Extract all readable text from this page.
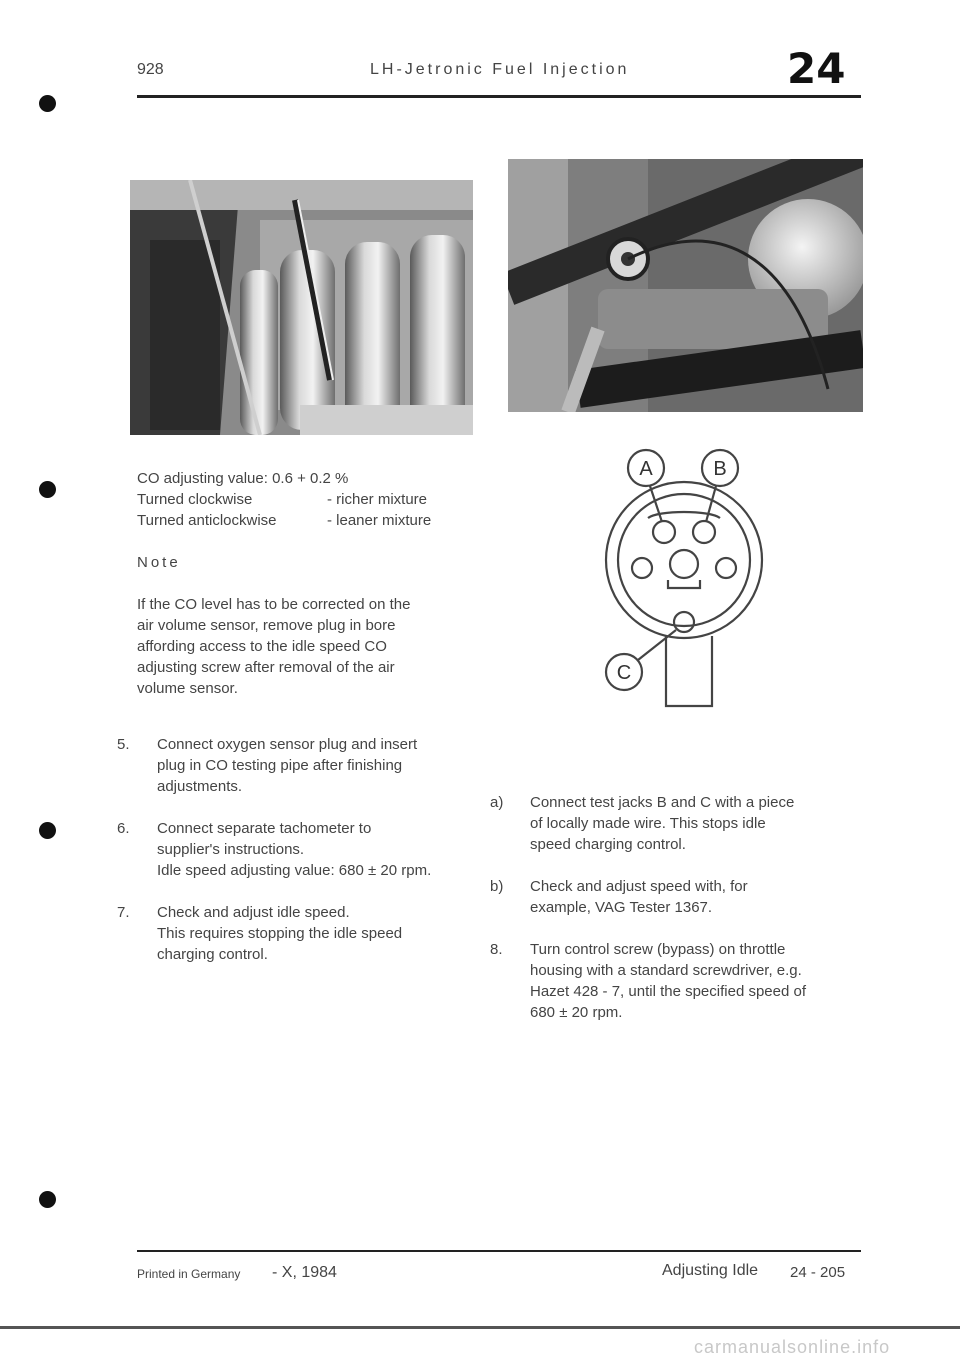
928	LH-Jetronic Fuel Injection	24
CO adjusting value: 0.6 + 0.2 %
Turned clockwise	- richer mixture
Turned anticlockwise	- leaner mixture
Note
If the CO level has to be corrected on the
air volume sensor, remove plug in bore
affording access to the idle speed CO
adjusting screw after removal of the air
volume sensor.
5. Connect oxygen sensor plug and insert
plug in CO testing pipe after finishing
adjustments.
6. Connect separate tachometer to
supplier's instructions.
Idle speed adjusting value: 680 ± 20 rpm.
7. Check and adjust idle speed.
This requires stopping the idle speed
charging control.
A	B
C
a) Connect test jacks B and C with a piece
of locally made wire. This stops idle
speed charging control.
b) Check and adjust speed with, for
example, VAG Tester 1367.
8. Turn control screw (bypass) on throttle
housing with a standard screwdriver, e.g.
Hazet 428 - 7, until the specified speed of
680 ± 20 rpm.
Printed in Germany - X, 1984	Adjusting Idle 24 - 205
carmanualsonline.info
